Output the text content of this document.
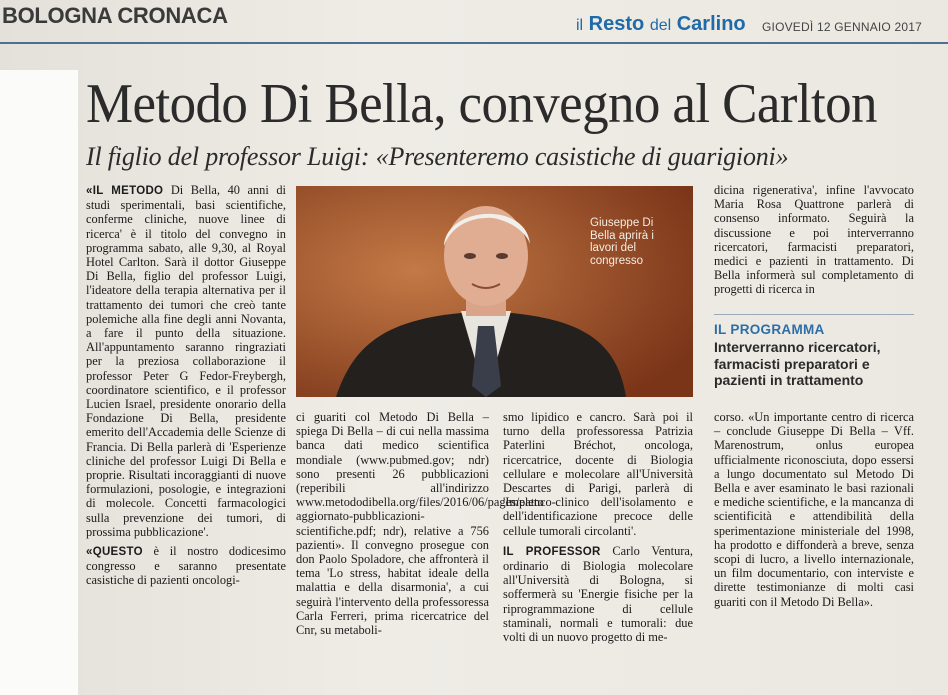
BOLOGNA CRONACA	il Resto del Carlino GIOVEDÌ 12 GENNAIO 2017
Metodo Di Bella, convegno al Carlton
Il figlio del professor Luigi: «Presenteremo casistiche di guarigioni»

«IL METODO Di Bella, 40 anni di studi sperimentali, basi scientifiche, conferme cliniche, nuove linee di ricerca' è il titolo del convegno in programma sabato, alle 9,30, al Royal Hotel Carlton. Sarà il dottor Giuseppe Di Bella, figlio del professor Luigi, l'ideatore della terapia alternativa per il trattamento dei tumori che creò tante polemiche alla fine degli anni Novanta, a fare il punto della situazione. All'appuntamento saranno ringraziati per la preziosa collaborazione il professor Peter G Fedor-Freybergh, coordinatore scientifico, e il professor Lucien Israel, presidente onorario della Fondazione Di Bella, presidente emerito dell'Accademia delle Scienze di Francia. Di Bella parlerà di 'Esperienze cliniche del professor Luigi Di Bella e proprie. Risultati incoraggianti di nuove formulazioni, posologie, e integrazioni di molecole. Concetti farmacologici sulla prevenzione dei tumori, di prossima pubblicazione'.

«QUESTO è il nostro dodicesimo congresso e saranno presentate casistiche di pazienti oncologi-

Giuseppe Di Bella aprirà i lavori del congresso

ci guariti col Metodo Di Bella – spiega Di Bella – di cui nella massima banca dati medico scientifica mondiale (www.pubmed.gov; ndr) sono presenti 26 pubblicazioni (reperibili all'indirizzo www.metododibella.org/files/2016/06/pages/elenco-aggiornato-pubblicazioni-scientifiche.pdf; ndr), relative a 756 pazienti». Il convegno prosegue con don Paolo Spoladore, che affronterà il tema 'Lo stress, habitat ideale della malattia e della disarmonia', a cui seguirà l'intervento della professoressa Carla Ferreri, prima ricercatrice del Cnr, su metaboli-

smo lipidico e cancro. Sarà poi il turno della professoressa Patrizia Paterlini Bréchot, oncologa, ricercatrice, docente di Biologia cellulare e molecolare all'Università Descartes di Parigi, parlerà di 'Impatto clinico dell'isolamento e dell'identificazione precoce delle cellule tumorali circolanti'.

IL PROFESSOR Carlo Ventura, ordinario di Biologia molecolare all'Università di Bologna, si soffermerà su 'Energie fisiche per la riprogrammazione di cellule staminali, normali e tumorali: due volti di un nuovo progetto di me-

dicina rigenerativa', infine l'avvocato Maria Rosa Quattrone parlerà di consenso informato. Seguirà la discussione e poi interverranno ricercatori, farmacisti preparatori, medici e pazienti in trattamento. Di Bella informerà sul completamento di progetti di ricerca in

IL PROGRAMMA
Interverranno ricercatori, farmacisti preparatori e pazienti in trattamento

corso. «Un importante centro di ricerca – conclude Giuseppe Di Bella – Vff. Marenostrum, onlus europea ufficialmente riconosciuta, dopo essersi a lungo documentato sul Metodo Di Bella e aver esaminato le basi razionali e mediche scientifiche, e la mancanza di scientificità e attendibilità della sperimentazione ministeriale del 1998, ha prodotto e diffonderà a breve, senza scopi di lucro, a livello internazionale, un film documentario, con interviste e dirette testimonianze di molti casi guariti con il Metodo Di Bella».
